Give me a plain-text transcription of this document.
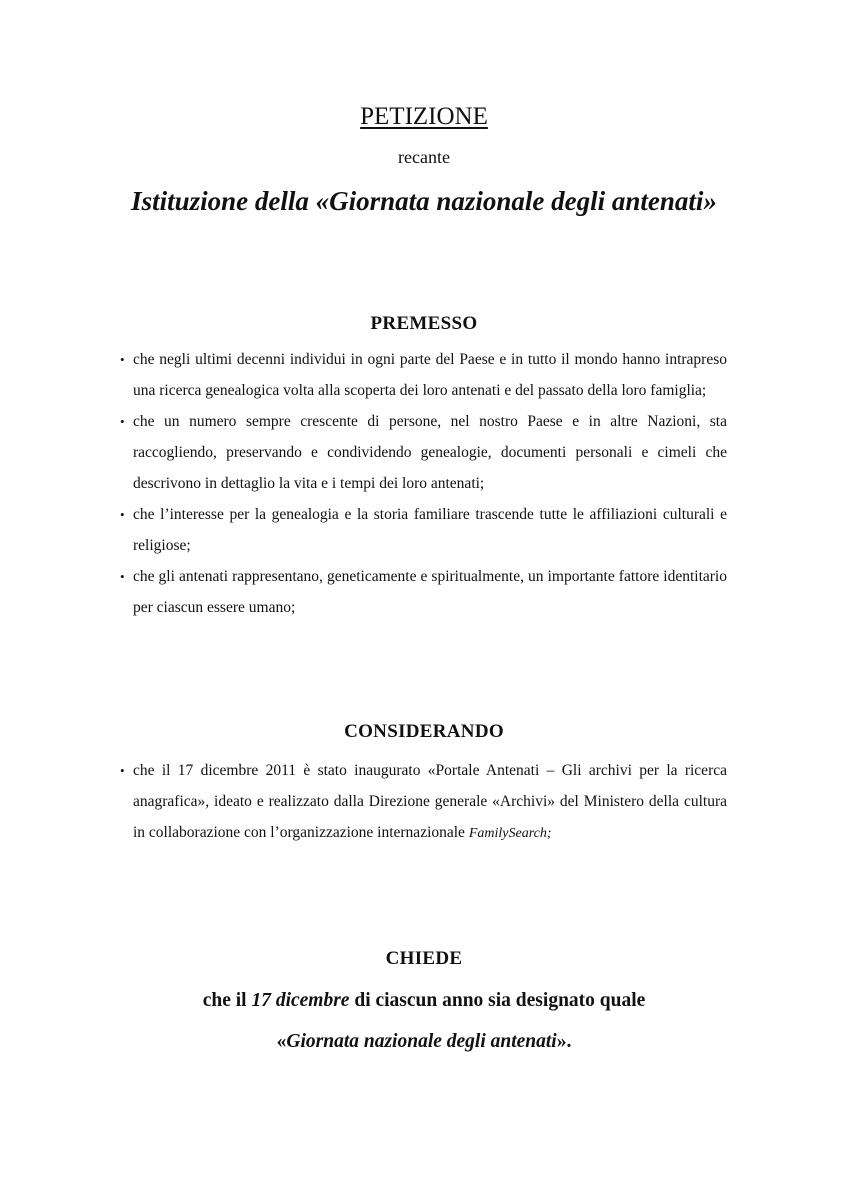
PETIZIONE
recante
Istituzione della «Giornata nazionale degli antenati»
PREMESSO
• che negli ultimi decenni individui in ogni parte del Paese e in tutto il mondo hanno intrapreso una ricerca genealogica volta alla scoperta dei loro antenati e del passato della loro famiglia;
• che un numero sempre crescente di persone, nel nostro Paese e in altre Nazioni, sta raccogliendo, preservando e condividendo genealogie, documenti personali e cimeli che descrivono in dettaglio la vita e i tempi dei loro antenati;
• che l’interesse per la genealogia e la storia familiare trascende tutte le affiliazioni culturali e religiose;
• che gli antenati rappresentano, geneticamente e spiritualmente, un importante fattore identitario per ciascun essere umano;
CONSIDERANDO
• che il 17 dicembre 2011 è stato inaugurato «Portale Antenati – Gli archivi per la ricerca anagrafica», ideato e realizzato dalla Direzione generale «Archivi» del Ministero della cultura in collaborazione con l’organizzazione internazionale FamilySearch;
CHIEDE
che il 17 dicembre di ciascun anno sia designato quale
«Giornata nazionale degli antenati».
